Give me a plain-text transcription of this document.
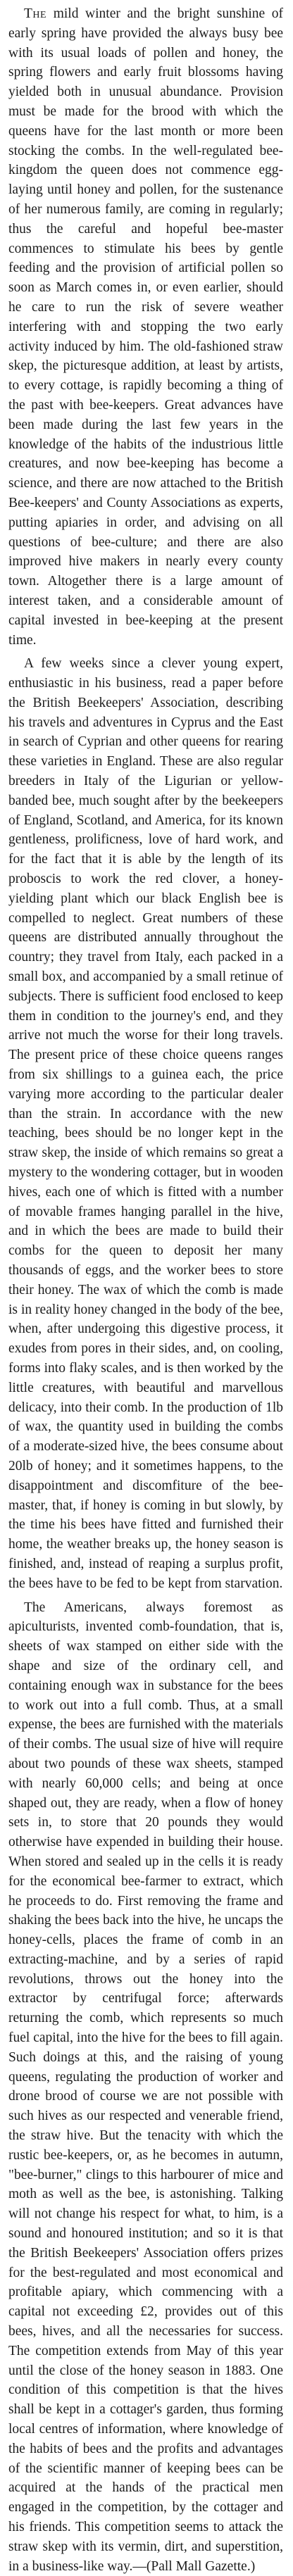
The mild winter and the bright sunshine of early spring have provided the always busy bee with its usual loads of pollen and honey, the spring flowers and early fruit blossoms having yielded both in unusual abundance. Provision must be made for the brood with which the queens have for the last month or more been stocking the combs. In the well-regulated bee-kingdom the queen does not commence egg-laying until honey and pollen, for the sustenance of her numerous family, are coming in regularly; thus the careful and hopeful bee-master commences to stimulate his bees by gentle feeding and the provision of artificial pollen so soon as March comes in, or even earlier, should he care to run the risk of severe weather interfering with and stopping the two early activity induced by him. The old-fashioned straw skep, the picturesque addition, at least by artists, to every cottage, is rapidly becoming a thing of the past with bee-keepers. Great advances have been made during the last few years in the knowledge of the habits of the industrious little creatures, and now bee-keeping has become a science, and there are now attached to the British Bee-keepers' and County Associations as experts, putting apiaries in order, and advising on all questions of bee-culture; and there are also improved hive makers in nearly every county town. Altogether there is a large amount of interest taken, and a considerable amount of capital invested in bee-keeping at the present time.

A few weeks since a clever young expert, enthusiastic in his business, read a paper before the British Beekeepers' Association, describing his travels and adventures in Cyprus and the East in search of Cyprian and other queens for rearing these varieties in England. These are also regular breeders in Italy of the Ligurian or yellow-banded bee, much sought after by the beekeepers of England, Scotland, and America, for its known gentleness, prolificness, love of hard work, and for the fact that it is able by the length of its proboscis to work the red clover, a honey-yielding plant which our black English bee is compelled to neglect. Great numbers of these queens are distributed annually throughout the country; they travel from Italy, each packed in a small box, and accompanied by a small retinue of subjects. There is sufficient food enclosed to keep them in condition to the journey's end, and they arrive not much the worse for their long travels. The present price of these choice queens ranges from six shillings to a guinea each, the price varying more according to the particular dealer than the strain. In accordance with the new teaching, bees should be no longer kept in the straw skep, the inside of which remains so great a mystery to the wondering cottager, but in wooden hives, each one of which is fitted with a number of movable frames hanging parallel in the hive, and in which the bees are made to build their combs for the queen to deposit her many thousands of eggs, and the worker bees to store their honey. The wax of which the comb is made is in reality honey changed in the body of the bee, when, after undergoing this digestive process, it exudes from pores in their sides, and, on cooling, forms into flaky scales, and is then worked by the little creatures, with beautiful and marvellous delicacy, into their comb. In the production of 1lb of wax, the quantity used in building the combs of a moderate-sized hive, the bees consume about 20lb of honey; and it sometimes happens, to the disappointment and discomfiture of the bee-master, that, if honey is coming in but slowly, by the time his bees have fitted and furnished their home, the weather breaks up, the honey season is finished, and, instead of reaping a surplus profit, the bees have to be fed to be kept from starvation.

The Americans, always foremost as apiculturists, invented comb-foundation, that is, sheets of wax stamped on either side with the shape and size of the ordinary cell, and containing enough wax in substance for the bees to work out into a full comb. Thus, at a small expense, the bees are furnished with the materials of their combs. The usual size of hive will require about two pounds of these wax sheets, stamped with nearly 60,000 cells; and being at once shaped out, they are ready, when a flow of honey sets in, to store that 20 pounds they would otherwise have expended in building their house. When stored and sealed up in the cells it is ready for the economical bee-farmer to extract, which he proceeds to do. First removing the frame and shaking the bees back into the hive, he uncaps the honey-cells, places the frame of comb in an extracting-machine, and by a series of rapid revolutions, throws out the honey into the extractor by centrifugal force; afterwards returning the comb, which represents so much fuel capital, into the hive for the bees to fill again. Such doings at this, and the raising of young queens, regulating the production of worker and drone brood of course we are not possible with such hives as our respected and venerable friend, the straw hive. But the tenacity with which the rustic bee-keepers, or, as he becomes in autumn, "bee-burner," clings to this harbourer of mice and moth as well as the bee, is astonishing. Talking will not change his respect for what, to him, is a sound and honoured institution; and so it is that the British Beekeepers' Association offers prizes for the best-regulated and most economical and profitable apiary, which commencing with a capital not exceeding £2, provides out of this bees, hives, and all the necessaries for success. The competition extends from May of this year until the close of the honey season in 1883. One condition of this competition is that the hives shall be kept in a cottager's garden, thus forming local centres of information, where knowledge of the habits of bees and the profits and advantages of the scientific manner of keeping bees can be acquired at the hands of the practical men engaged in the competition, by the cottager and his friends. This competition seems to attack the straw skep with its vermin, dirt, and superstition, in a business-like way.—(Pall Mall Gazette.)
